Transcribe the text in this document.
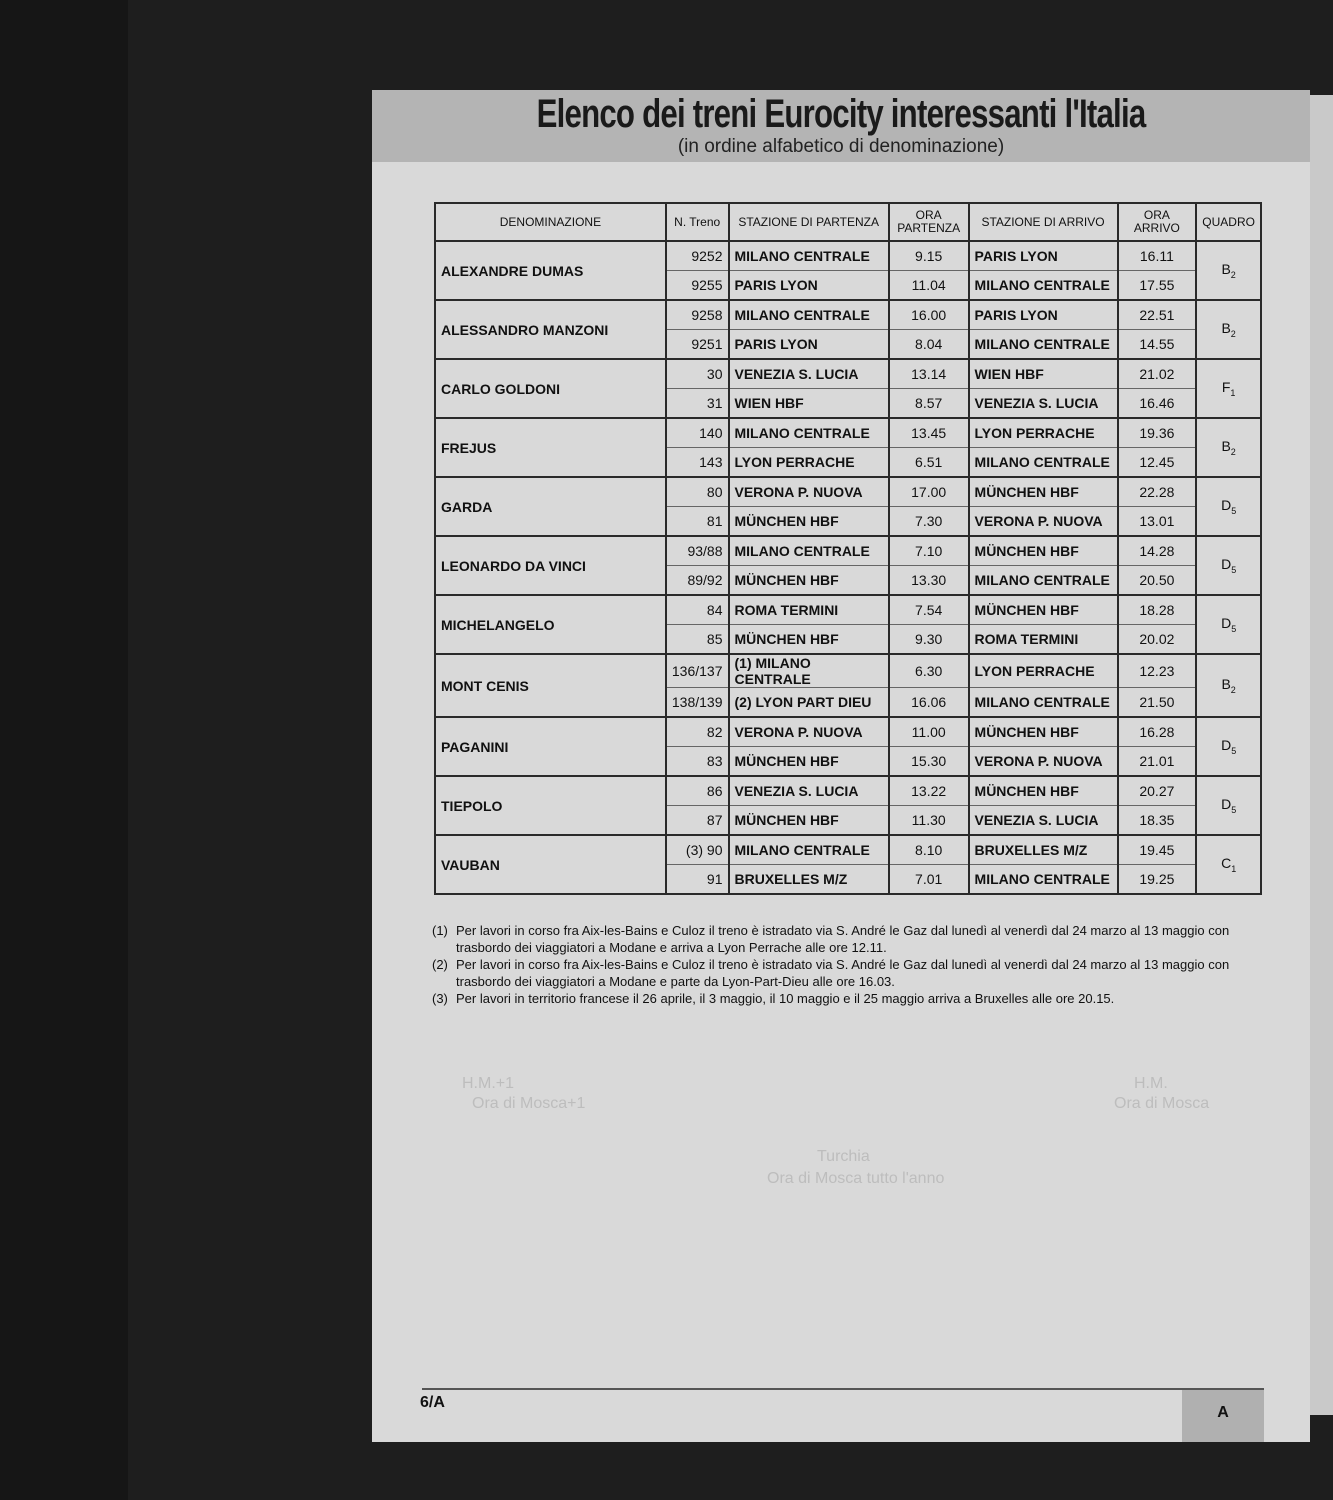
Elenco dei treni Eurocity interessanti l'Italia
(in ordine alfabetico di denominazione)
H.M.+1
Ora di Mosca+1
H.M.
Ora di Mosca
Turchia
Ora di Mosca tutto l'anno
DENOMINAZIONE	N. Treno	STAZIONE DI PARTENZA	ORA PARTENZA	STAZIONE DI ARRIVO	ORA ARRIVO	QUADRO
ALEXANDRE DUMAS	9252	MILANO CENTRALE	9.15	PARIS LYON	16.11	$B_2$
	9255	PARIS LYON	11.04	MILANO CENTRALE	17.55	
ALESSANDRO MANZONI	9258	MILANO CENTRALE	16.00	PARIS LYON	22.51	$B_2$
	9251	PARIS LYON	8.04	MILANO CENTRALE	14.55	
CARLO GOLDONI	30	VENEZIA S. LUCIA	13.14	WIEN HBF	21.02	$F_1$
	31	WIEN HBF	8.57	VENEZIA S. LUCIA	16.46	
FREJUS	140	MILANO CENTRALE	13.45	LYON PERRACHE	19.36	$B_2$
	143	LYON PERRACHE	6.51	MILANO CENTRALE	12.45	
GARDA	80	VERONA P. NUOVA	17.00	MÜNCHEN HBF	22.28	$D_5$
	81	MÜNCHEN HBF	7.30	VERONA P. NUOVA	13.01	
LEONARDO DA VINCI	93/88	MILANO CENTRALE	7.10	MÜNCHEN HBF	14.28	$D_5$
	89/92	MÜNCHEN HBF	13.30	MILANO CENTRALE	20.50	
MICHELANGELO	84	ROMA TERMINI	7.54	MÜNCHEN HBF	18.28	$D_5$
	85	MÜNCHEN HBF	9.30	ROMA TERMINI	20.02	
MONT CENIS	136/137	(1) MILANO CENTRALE	6.30	LYON PERRACHE	12.23	$B_2$
	138/139	(2) LYON PART DIEU	16.06	MILANO CENTRALE	21.50	
PAGANINI	82	VERONA P. NUOVA	11.00	MÜNCHEN HBF	16.28	$D_5$
	83	MÜNCHEN HBF	15.30	VERONA P. NUOVA	21.01	
TIEPOLO	86	VENEZIA S. LUCIA	13.22	MÜNCHEN HBF	20.27	$D_5$
	87	MÜNCHEN HBF	11.30	VENEZIA S. LUCIA	18.35	
VAUBAN	(3) 90	MILANO CENTRALE	8.10	BRUXELLES M/Z	19.45	$C_1$
	91	BRUXELLES M/Z	7.01	MILANO CENTRALE	19.25	
(1) Per lavori in corso fra Aix-les-Bains e Culoz il treno è istradato via S. André le Gaz dal lunedì al venerdì dal 24 marzo al 13 maggio con trasbordo dei viaggiatori a Modane e arriva a Lyon Perrache alle ore 12.11.
(2) Per lavori in corso fra Aix-les-Bains e Culoz il treno è istradato via S. André le Gaz dal lunedì al venerdì dal 24 marzo al 13 maggio con trasbordo dei viaggiatori a Modane e parte da Lyon-Part-Dieu alle ore 16.03.
(3) Per lavori in territorio francese il 26 aprile, il 3 maggio, il 10 maggio e il 25 maggio arriva a Bruxelles alle ore 20.15.
6/A
A
